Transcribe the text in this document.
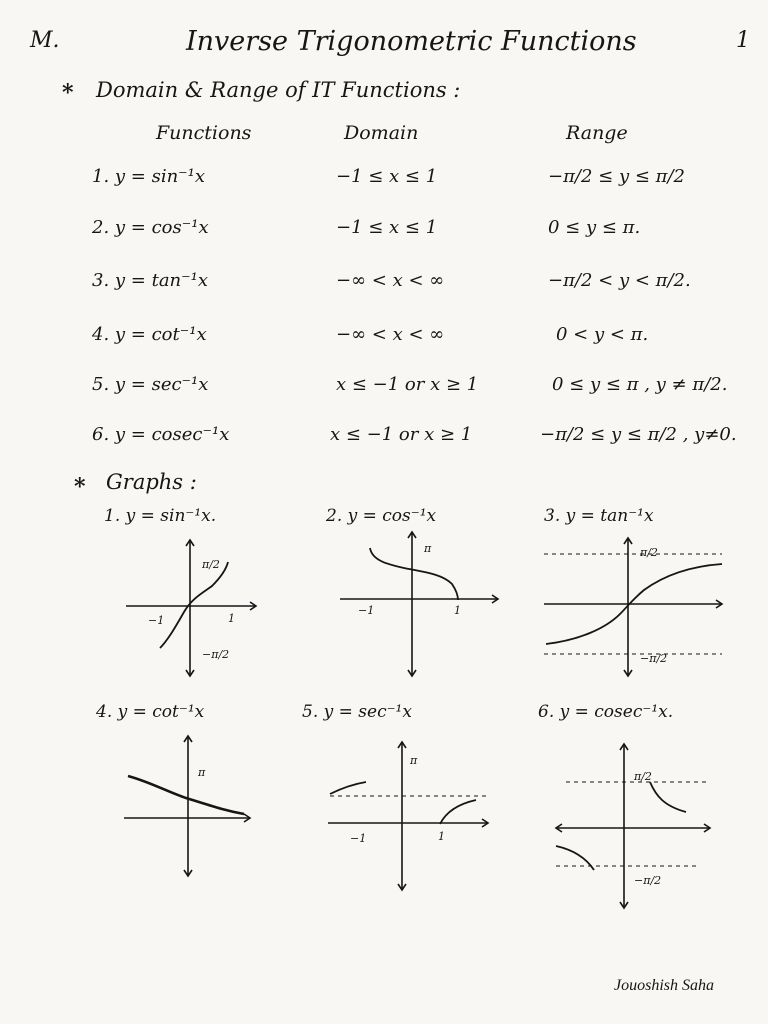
M.	Inverse Trigonometric Functions	1
* Domain & Range of IT Functions :
Functions	Domain	Range
1. y = sin⁻¹x	−1 ≤ x ≤ 1	−π/2 ≤ y ≤ π/2
2. y = cos⁻¹x	−1 ≤ x ≤ 1	0 ≤ y ≤ π.
3. y = tan⁻¹x	−∞ < x < ∞	−π/2 < y < π/2.
4. y = cot⁻¹x	−∞ < x < ∞	0 < y < π.
5. y = sec⁻¹x	x ≤ −1 or x ≥ 1	0 ≤ y ≤ π , y ≠ π/2.
6. y = cosec⁻¹x	x ≤ −1 or x ≥ 1	−π/2 ≤ y ≤ π/2 , y≠0.
* Graphs :
1. y = sin⁻¹x.	2. y = cos⁻¹x	3. y = tan⁻¹x
4. y = cot⁻¹x	5. y = sec⁻¹x	6. y = cosec⁻¹x.
π/2
−π/2
−1	1
π
−1	1
π/2
−π/2
π
π
−1	1
π/2
−π/2
Jouoshish Saha
